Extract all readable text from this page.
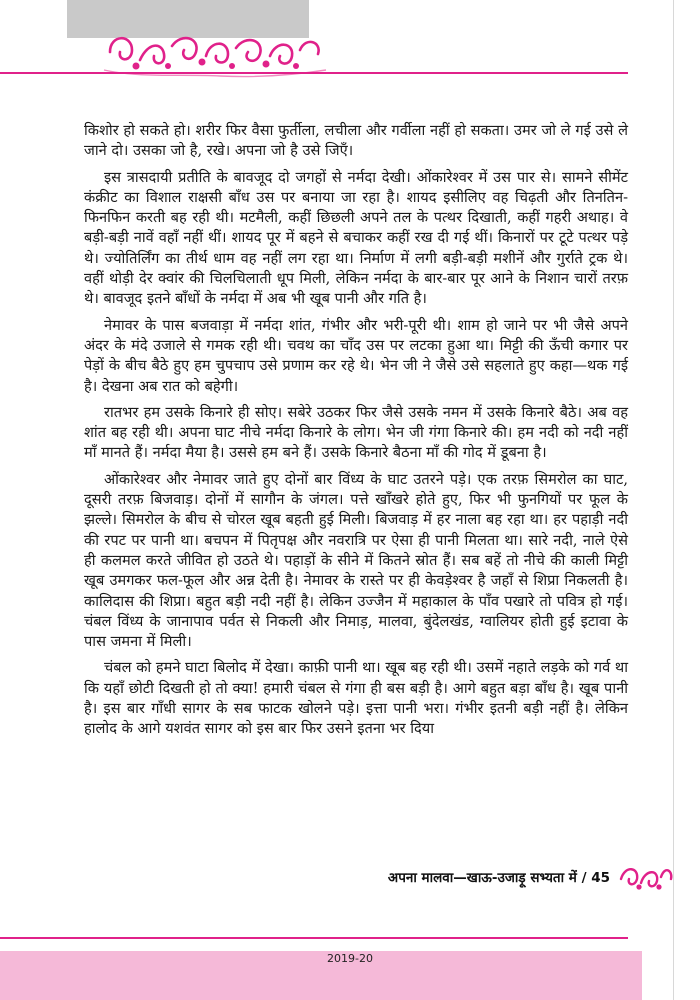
किशोर हो सकते हो। शरीर फिर वैसा फुर्तीला, लचीला और गर्वीला नहीं हो सकता। उमर जो ले गई उसे ले जाने दो। उसका जो है, रखे। अपना जो है उसे जिएँ।

इस त्रासदायी प्रतीति के बावजूद दो जगहों से नर्मदा देखी। ओंकारेश्वर में उस पार से। सामने सीमेंट कंक्रीट का विशाल राक्षसी बाँध उस पर बनाया जा रहा है। शायद इसीलिए वह चिढ़ती और तिनतिन-फिनफिन करती बह रही थी। मटमैली, कहीं छिछली अपने तल के पत्थर दिखाती, कहीं गहरी अथाह। वे बड़ी-बड़ी नावें वहाँ नहीं थीं। शायद पूर में बहने से बचाकर कहीं रख दी गई थीं। किनारों पर टूटे पत्थर पड़े थे। ज्योतिर्लिंग का तीर्थ धाम वह नहीं लग रहा था। निर्माण में लगी बड़ी-बड़ी मशीनें और गुर्राते ट्रक थे। वहीं थोड़ी देर क्वांर की चिलचिलाती धूप मिली, लेकिन नर्मदा के बार-बार पूर आने के निशान चारों तरफ़ थे। बावजूद इतने बाँधों के नर्मदा में अब भी खूब पानी और गति है।

नेमावर के पास बजवाड़ा में नर्मदा शांत, गंभीर और भरी-पूरी थी। शाम हो जाने पर भी जैसे अपने अंदर के मंदे उजाले से गमक रही थी। चवथ का चाँद उस पर लटका हुआ था। मिट्टी की ऊँची कगार पर पेड़ों के बीच बैठे हुए हम चुपचाप उसे प्रणाम कर रहे थे। भेन जी ने जैसे उसे सहलाते हुए कहा—थक गई है। देखना अब रात को बहेगी।

रातभर हम उसके किनारे ही सोए। सबेरे उठकर फिर जैसे उसके नमन में उसके किनारे बैठे। अब वह शांत बह रही थी। अपना घाट नीचे नर्मदा किनारे के लोग। भेन जी गंगा किनारे की। हम नदी को नदी नहीं माँ मानते हैं। नर्मदा मैया है। उससे हम बने हैं। उसके किनारे बैठना माँ की गोद में डूबना है।

ओंकारेश्वर और नेमावर जाते हुए दोनों बार विंध्य के घाट उतरने पड़े। एक तरफ़ सिमरोल का घाट, दूसरी तरफ़ बिजवाड़। दोनों में सागौन के जंगल। पत्ते खाँखरे होते हुए, फिर भी फुनगियों पर फूल के झल्ले। सिमरोल के बीच से चोरल खूब बहती हुई मिली। बिजवाड़ में हर नाला बह रहा था। हर पहाड़ी नदी की रपट पर पानी था। बचपन में पितृपक्ष और नवरात्रि पर ऐसा ही पानी मिलता था। सारे नदी, नाले ऐसे ही कलमल करते जीवित हो उठते थे। पहाड़ों के सीने में कितने स्रोत हैं। सब बहें तो नीचे की काली मिट्टी खूब उमगकर फल-फूल और अन्न देती है। नेमावर के रास्ते पर ही केवड़ेश्वर है जहाँ से शिप्रा निकलती है। कालिदास की शिप्रा। बहुत बड़ी नदी नहीं है। लेकिन उज्जैन में महाकाल के पाँव पखारे तो पवित्र हो गई। चंबल विंध्य के जानापाव पर्वत से निकली और निमाड़, मालवा, बुंदेलखंड, ग्वालियर होती हुई इटावा के पास जमना में मिली।

चंबल को हमने घाटा बिलोद में देखा। काफ़ी पानी था। खूब बह रही थी। उसमें नहाते लड़के को गर्व था कि यहाँ छोटी दिखती हो तो क्या! हमारी चंबल से गंगा ही बस बड़ी है। आगे बहुत बड़ा बाँध है। खूब पानी है। इस बार गाँधी सागर के सब फाटक खोलने पड़े। इत्ता पानी भरा। गंभीर इतनी बड़ी नहीं है। लेकिन हालोद के आगे यशवंत सागर को इस बार फिर उसने इतना भर दिया

अपना मालवा—खाऊ-उजाड़ू सभ्यता में / 45
2019-20
